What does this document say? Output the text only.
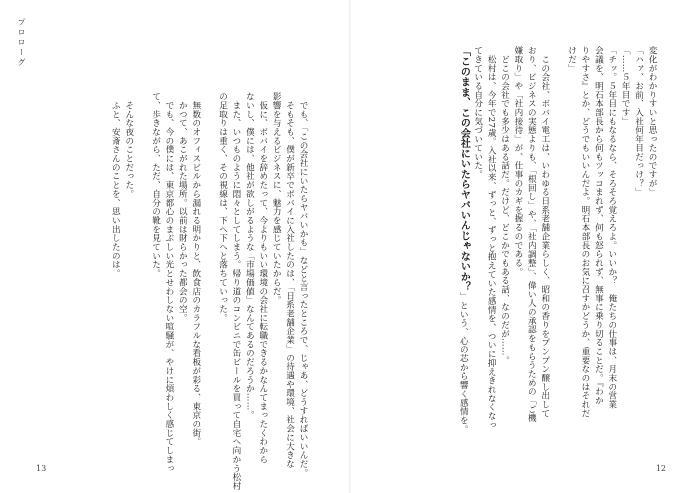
プロローグ
　でも、「この会社にいたらヤバいかも」などと言ったところで、じゃあ、どうすればいいんだ。
　そもそも、僕が新卒でボバイに入社したのは、「日系老舗企業」の待遇や環境、社会に大きな
影響を与えるビジネスに、魅力を感じていたからだ。
　仮に、ボバイを辞めたって、今よりもいい環境の会社に転職できるかなんてまったくわから
ないし、僕には、他社が欲しがるような「市場価値」なんてあるのだろうか……。
　また、いつものように悶々としてしまう。帰り道のコンビニで缶ビールを買って自宅へ向かう松村
の足取りは重く、その視線は、下へ下へと落ちていった。
　無数のオフィスビルから漏れる明かりと、飲食店のカラフルな看板が彩る、東京の街。
　かつて、あこがれた場所。以前は財らかった都会の空。
　でも、今の僕には、東京都心のまぶしい光とせわしない喧騒が、やけに煩わしく感じてしまっ
て、歩きながら、ただ、自分の靴を見ていた。
　そんな夜のことだった。
　ふと、安斎さんのことを、思い出したのは。
13
変化がわかりすいと思ったのですが」
「ハァ、お前、入社何年目だっけ？」
「……５年目です」
「チッ。５年目にもなるなら、そろそろ覚えろよ。いいか？　俺たちの仕事は、月末の営業
会議を、明石本部長から何もツッコまれず、何も怒られず、無事に乗り切ることだ。『わか
りやすさ』とか、どうでもいいんだよ。明石本部長のお気に召すかどうか、重要なのはそれだ
けだ」
　この会社、ボバイ電工は、いわゆる日系老舗企業らしく、昭和の香りをプンプン醸し出して
おり、ビジネスの実態よりも、「根回し」や、「社内調整」、偉い人の承認をもらうための「ご機
嫌取り」や「社内接待」が、仕事のカギを握るのである。
　どこの会社でも多少はある話だ。だけど、どこかでもある話、なのだが……。
　松村は、今年で27歳。入社以来、ずっと、ずっと抱えていた感情を、ついに抑えきれなくなっ
てきている自分に気づいていた。
「このまま、この会社にいたらヤバいんじゃないか？」という、心の芯から響く感情を。
12
